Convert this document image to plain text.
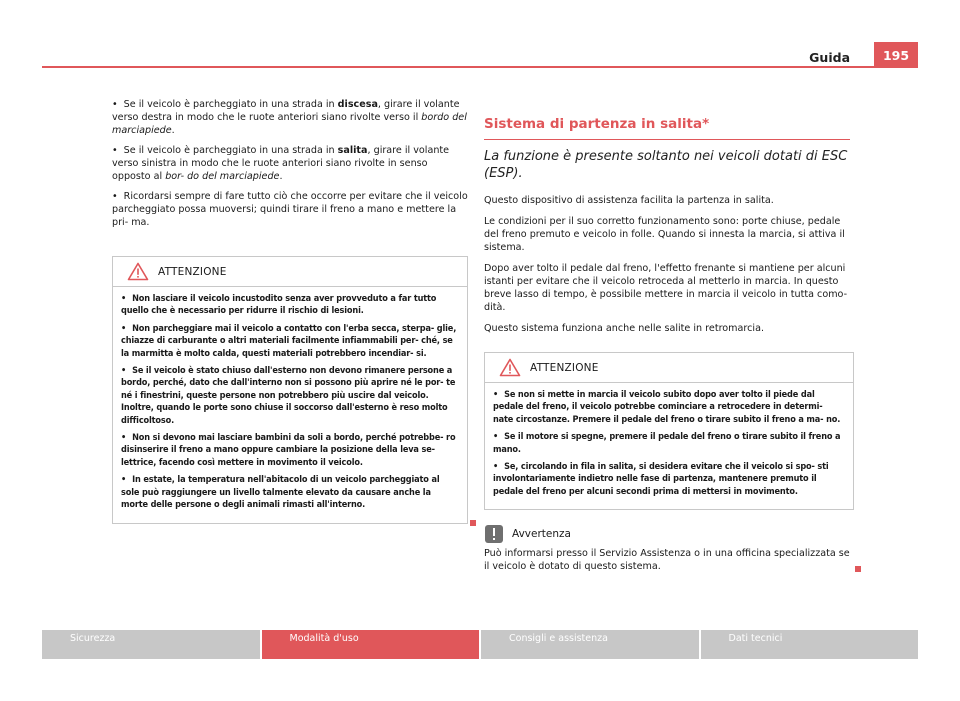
Guida	195

• Se il veicolo è parcheggiato in una strada in discesa, girare il volante verso destra in modo che le ruote anteriori siano rivolte verso il bordo del marciapiede.

• Se il veicolo è parcheggiato in una strada in salita, girare il volante verso sinistra in modo che le ruote anteriori siano rivolte in senso opposto al bor- do del marciapiede.

• Ricordarsi sempre di fare tutto ciò che occorre per evitare che il veicolo parcheggiato possa muoversi; quindi tirare il freno a mano e mettere la pri- ma.

ATTENZIONE

• Non lasciare il veicolo incustodito senza aver provveduto a far tutto quello che è necessario per ridurre il rischio di lesioni.

• Non parcheggiare mai il veicolo a contatto con l'erba secca, sterpa- glie, chiazze di carburante o altri materiali facilmente infiammabili per- ché, se la marmitta è molto calda, questi materiali potrebbero incendiar- si.

• Se il veicolo è stato chiuso dall'esterno non devono rimanere persone a bordo, perché, dato che dall'interno non si possono più aprire né le por- te né i finestrini, queste persone non potrebbero più uscire dal veicolo. Inoltre, quando le porte sono chiuse il soccorso dall'esterno è reso molto difficoltoso.

• Non si devono mai lasciare bambini da soli a bordo, perché potrebbe- ro disinserire il freno a mano oppure cambiare la posizione della leva se- lettrice, facendo così mettere in movimento il veicolo.

• In estate, la temperatura nell'abitacolo di un veicolo parcheggiato al sole può raggiungere un livello talmente elevato da causare anche la morte delle persone o degli animali rimasti all'interno.

Sistema di partenza in salita*
La funzione è presente soltanto nei veicoli dotati di ESC (ESP).

Questo dispositivo di assistenza facilita la partenza in salita.

Le condizioni per il suo corretto funzionamento sono: porte chiuse, pedale del freno premuto e veicolo in folle. Quando si innesta la marcia, si attiva il sistema.

Dopo aver tolto il pedale dal freno, l'effetto frenante si mantiene per alcuni istanti per evitare che il veicolo retroceda al metterlo in marcia. In questo breve lasso di tempo, è possibile mettere in marcia il veicolo in tutta como- dità.

Questo sistema funziona anche nelle salite in retromarcia.

ATTENZIONE

• Se non si mette in marcia il veicolo subito dopo aver tolto il piede dal pedale del freno, il veicolo potrebbe cominciare a retrocedere in determi- nate circostanze. Premere il pedale del freno o tirare subito il freno a ma- no.

• Se il motore si spegne, premere il pedale del freno o tirare subito il freno a mano.

• Se, circolando in fila in salita, si desidera evitare che il veicolo si spo- sti involontariamente indietro nelle fase di partenza, mantenere premuto il pedale del freno per alcuni secondi prima di mettersi in movimento.

Avvertenza

Può informarsi presso il Servizio Assistenza o in una officina specializzata se il veicolo è dotato di questo sistema.

Sicurezza	Modalità d'uso	Consigli e assistenza	Dati tecnici
